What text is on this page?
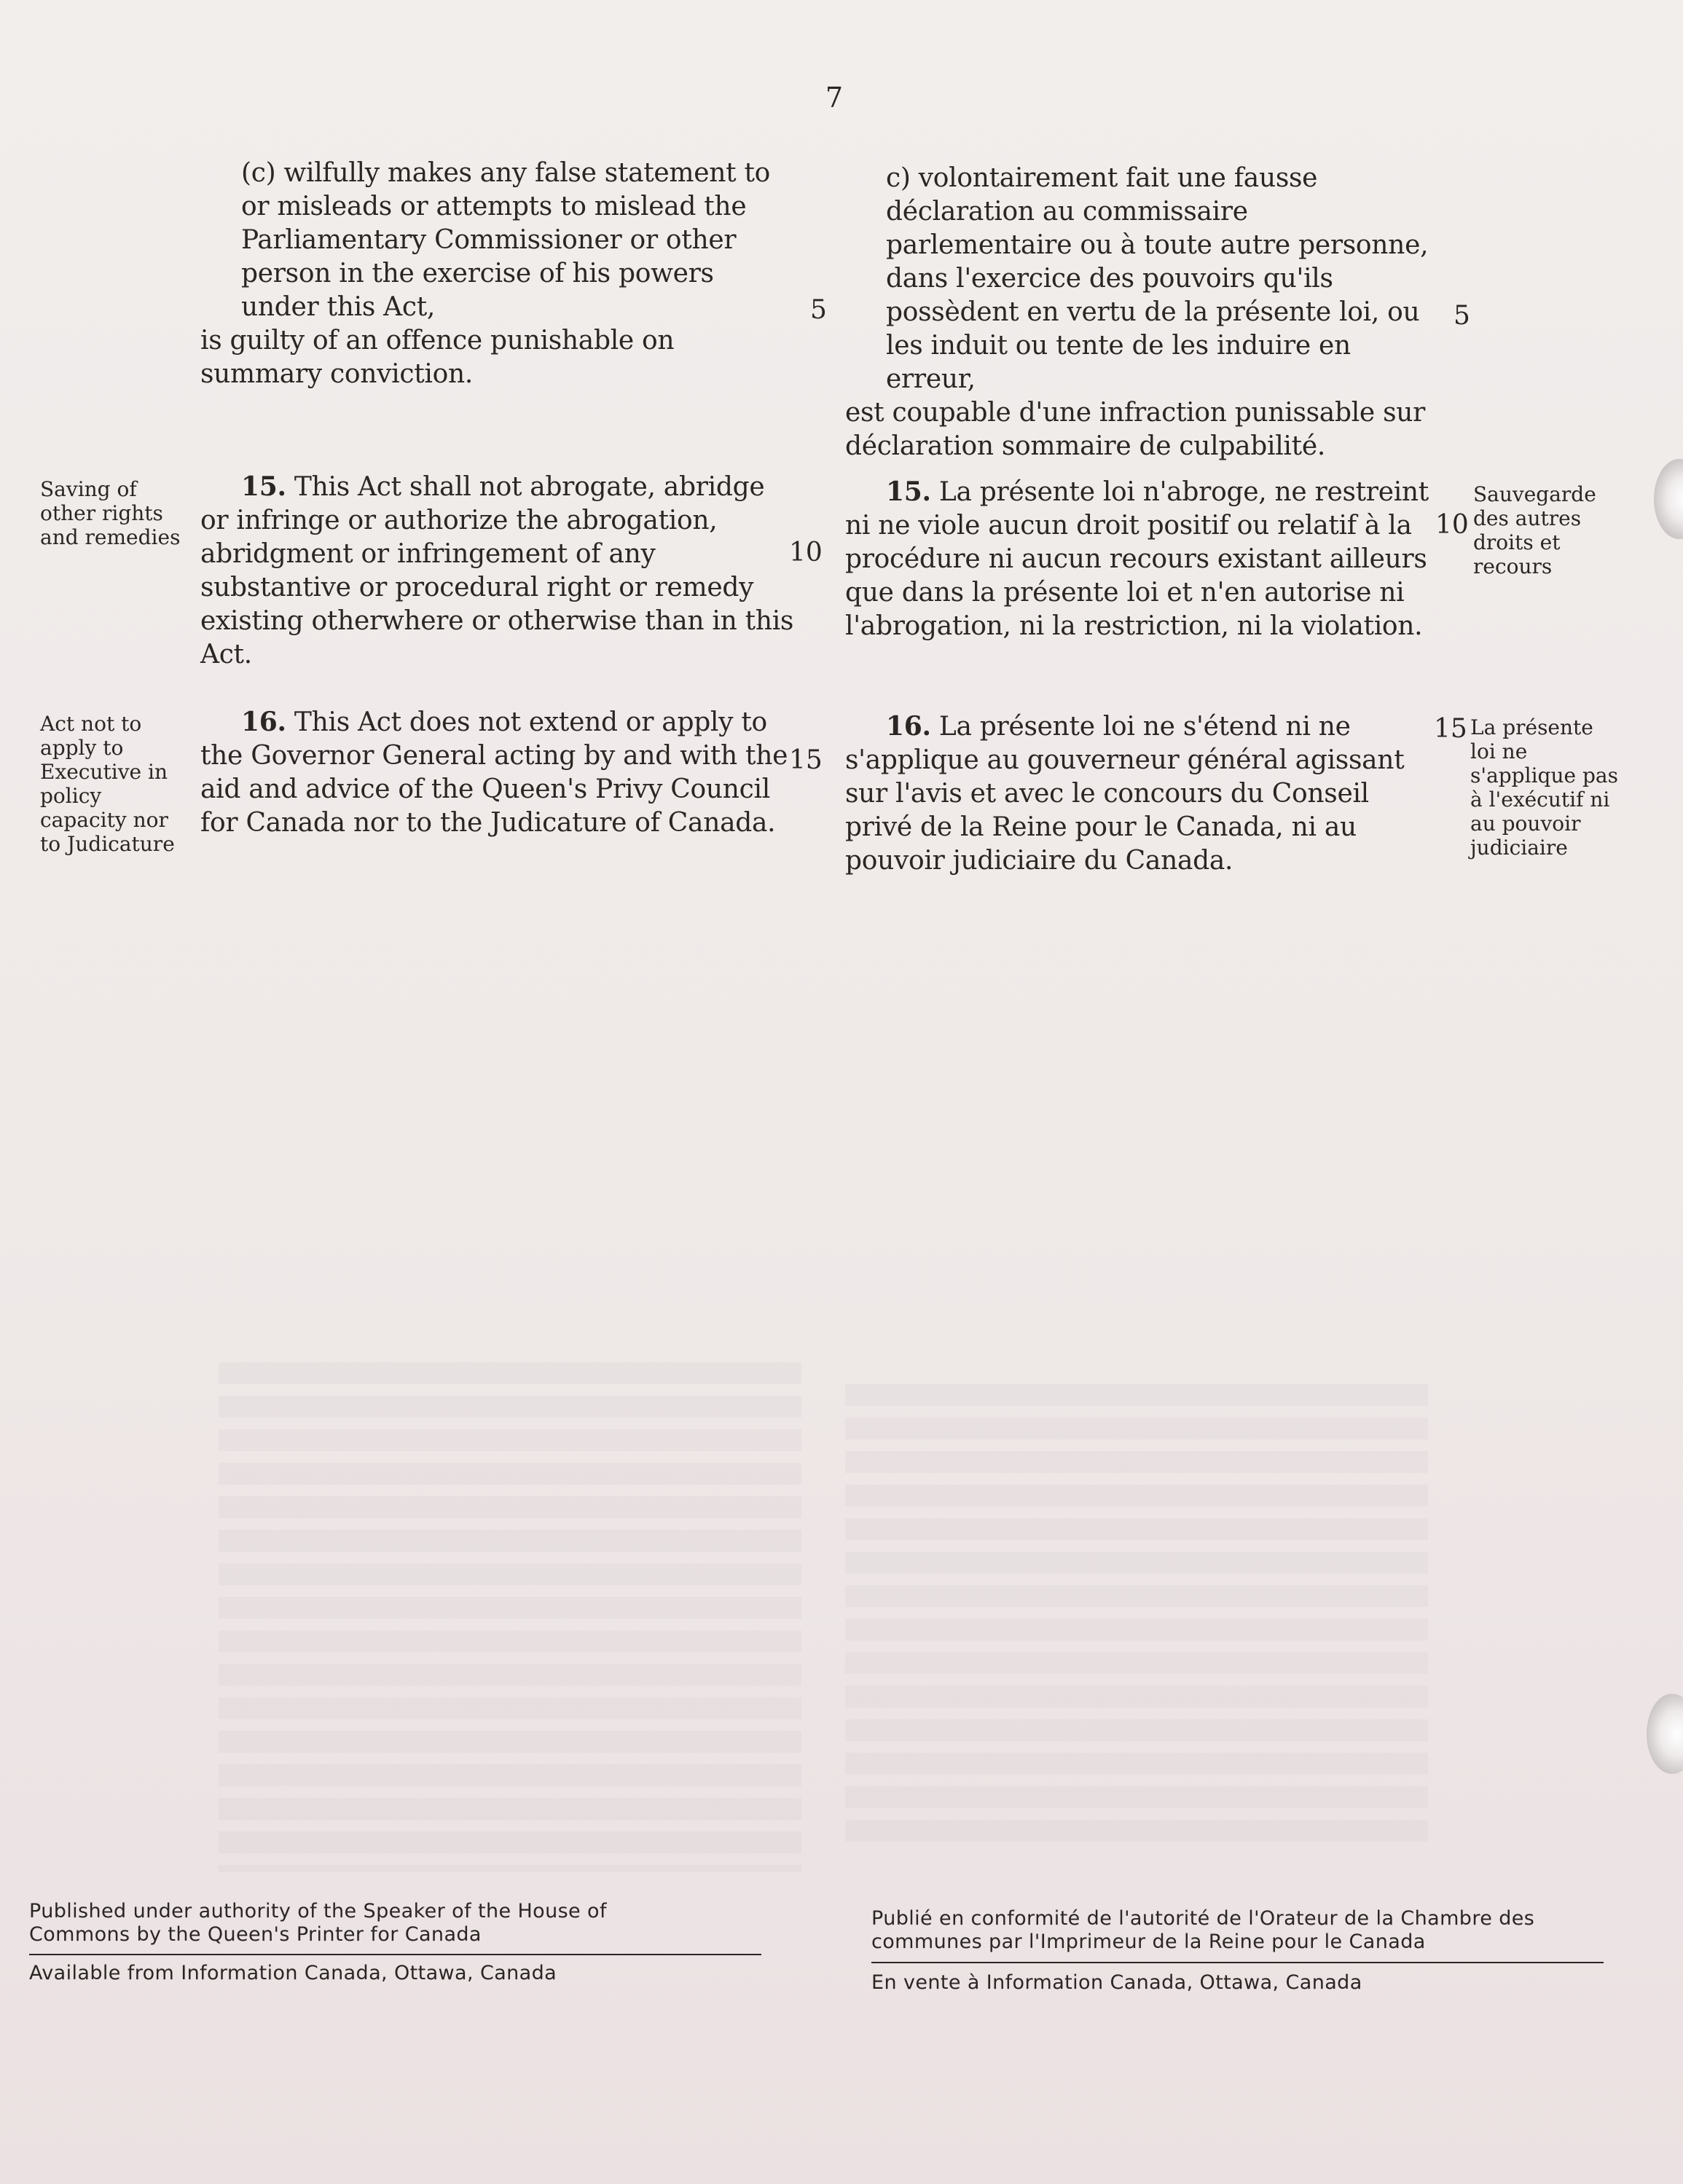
7

(c) wilfully makes any false statement to or misleads or attempts to mislead the Parliamentary Commissioner or other person in the exercise of his powers under this Act,

is guilty of an offence punishable on summary conviction.

15. This Act shall not abrogate, abridge or infringe or authorize the abrogation, abridgment or infringement of any substantive or procedural right or remedy existing otherwhere or otherwise than in this Act.

16. This Act does not extend or apply to the Governor General acting by and with the aid and advice of the Queen's Privy Council for Canada nor to the Judicature of Canada.

Saving of other rights and remedies
Act not to apply to Executive in policy capacity nor to Judicature
5
10
15

c) volontairement fait une fausse déclaration au commissaire parlementaire ou à toute autre personne, dans l'exercice des pouvoirs qu'ils possèdent en vertu de la présente loi, ou les induit ou tente de les induire en erreur,

est coupable d'une infraction punissable sur déclaration sommaire de culpabilité.

15. La présente loi n'abroge, ne restreint ni ne viole aucun droit positif ou relatif à la procédure ni aucun recours existant ailleurs que dans la présente loi et n'en autorise ni l'abrogation, ni la restriction, ni la violation.

16. La présente loi ne s'étend ni ne s'applique au gouverneur général agissant sur l'avis et avec le concours du Conseil privé de la Reine pour le Canada, ni au pouvoir judiciaire du Canada.

Sauvegarde des autres droits et recours
La présente loi ne s'applique pas à l'exécutif ni au pouvoir judiciaire
5
10
15
Published under authority of the Speaker of the House of Commons by the Queen's Printer for Canada
Available from Information Canada, Ottawa, Canada
Publié en conformité de l'autorité de l'Orateur de la Chambre des communes par l'Imprimeur de la Reine pour le Canada
En vente à Information Canada, Ottawa, Canada
